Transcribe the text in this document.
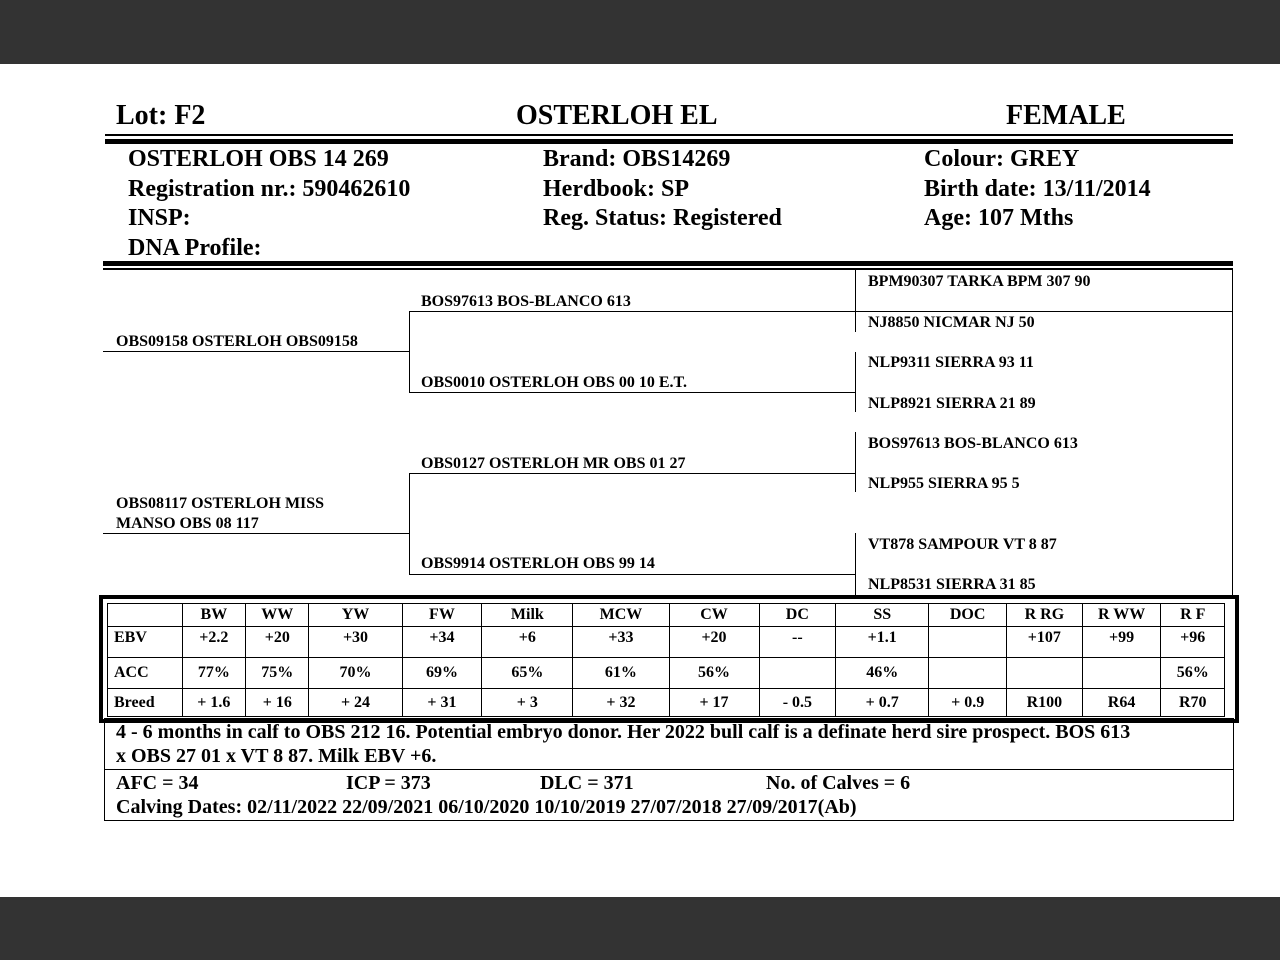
Lot: F2	OSTERLOH EL	FEMALE
OSTERLOH OBS 14 269
Registration nr.: 590462610
INSP:
DNA Profile:
Brand: OBS14269
Herdbook: SP
Reg. Status: Registered
Colour: GREY
Birth date: 13/11/2014
Age: 107 Mths
OBS09158 OSTERLOH OBS09158
OBS08117 OSTERLOH MISS
MANSO OBS 08 117
BOS97613 BOS-BLANCO 613
OBS0010 OSTERLOH OBS 00 10 E.T.
OBS0127 OSTERLOH MR OBS 01 27
OBS9914 OSTERLOH OBS 99 14
BPM90307 TARKA BPM 307 90
NJ8850 NICMAR NJ 50
NLP9311 SIERRA 93 11
NLP8921 SIERRA 21 89
BOS97613 BOS-BLANCO 613
NLP955 SIERRA 95 5
VT878 SAMPOUR VT 8 87
NLP8531 SIERRA 31 85
	BW	WW	YW	FW	Milk	MCW	CW	DC	SS	DOC	R RG	R WW	R F
EBV	+2.2	+20	+30	+34	+6	+33	+20	--	+1.1		+107	+99	+96
ACC	77%	75%	70%	69%	65%	61%	56%		46%				56%
Breed	+ 1.6	+ 16	+ 24	+ 31	+ 3	+ 32	+ 17	- 0.5	+ 0.7	+ 0.9	R100	R64	R70
4 - 6 months in calf to OBS 212 16. Potential embryo donor. Her 2022 bull calf is a definate herd sire prospect. BOS 613
x OBS 27 01 x VT 8 87. Milk EBV +6.
AFC = 34	ICP = 373	DLC = 371	No. of Calves = 6
Calving Dates: 02/11/2022 22/09/2021 06/10/2020 10/10/2019 27/07/2018 27/09/2017(Ab)
